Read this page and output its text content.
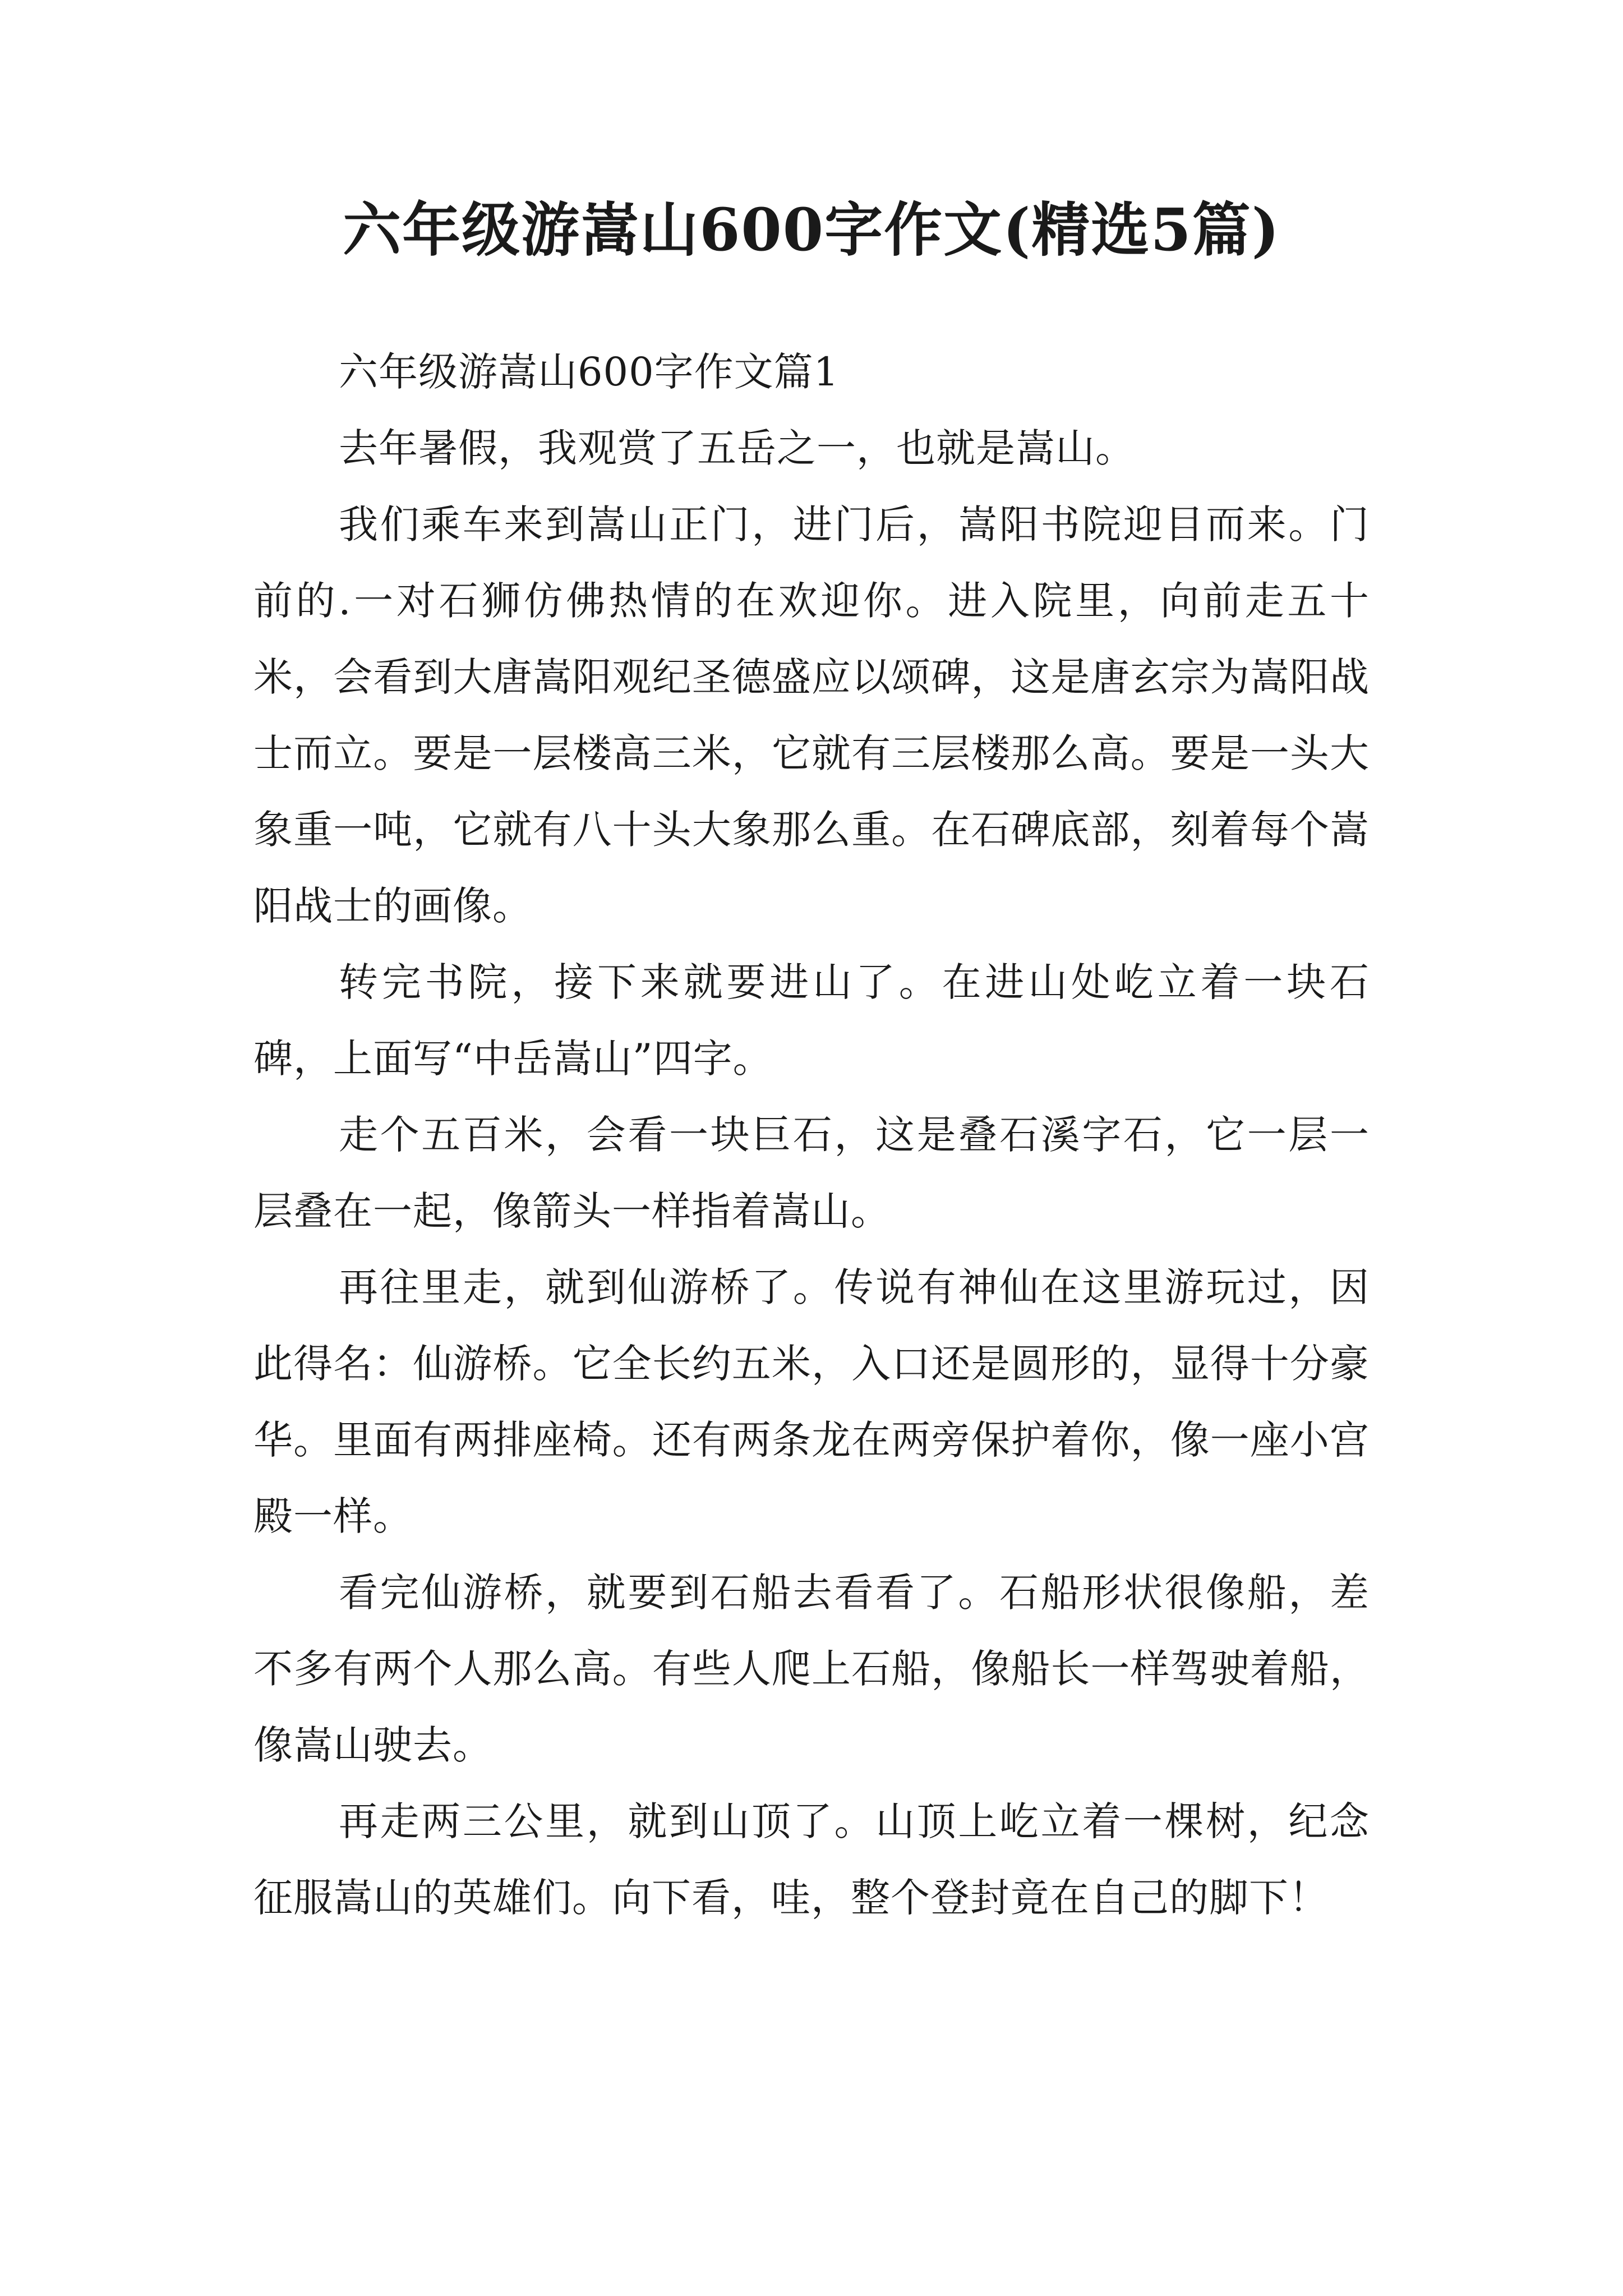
六年级游嵩山600字作文(精选5篇)

六年级游嵩山600字作文篇1

去年暑假，我观赏了五岳之一，也就是嵩山。

我们乘车来到嵩山正门，进门后，嵩阳书院迎目而来。门前的.一对石狮仿佛热情的在欢迎你。进入院里，向前走五十米，会看到大唐嵩阳观纪圣德盛应以颂碑，这是唐玄宗为嵩阳战士而立。要是一层楼高三米，它就有三层楼那么高。要是一头大象重一吨，它就有八十头大象那么重。在石碑底部，刻着每个嵩阳战士的画像。

转完书院，接下来就要进山了。在进山处屹立着一块石碑，上面写“中岳嵩山”四字。

走个五百米，会看一块巨石，这是叠石溪字石，它一层一层叠在一起，像箭头一样指着嵩山。

再往里走，就到仙游桥了。传说有神仙在这里游玩过，因此得名：仙游桥。它全长约五米，入口还是圆形的，显得十分豪华。里面有两排座椅。还有两条龙在两旁保护着你，像一座小宫殿一样。

看完仙游桥，就要到石船去看看了。石船形状很像船，差不多有两个人那么高。有些人爬上石船，像船长一样驾驶着船，像嵩山驶去。

再走两三公里，就到山顶了。山顶上屹立着一棵树，纪念征服嵩山的英雄们。向下看，哇，整个登封竟在自己的脚下！
